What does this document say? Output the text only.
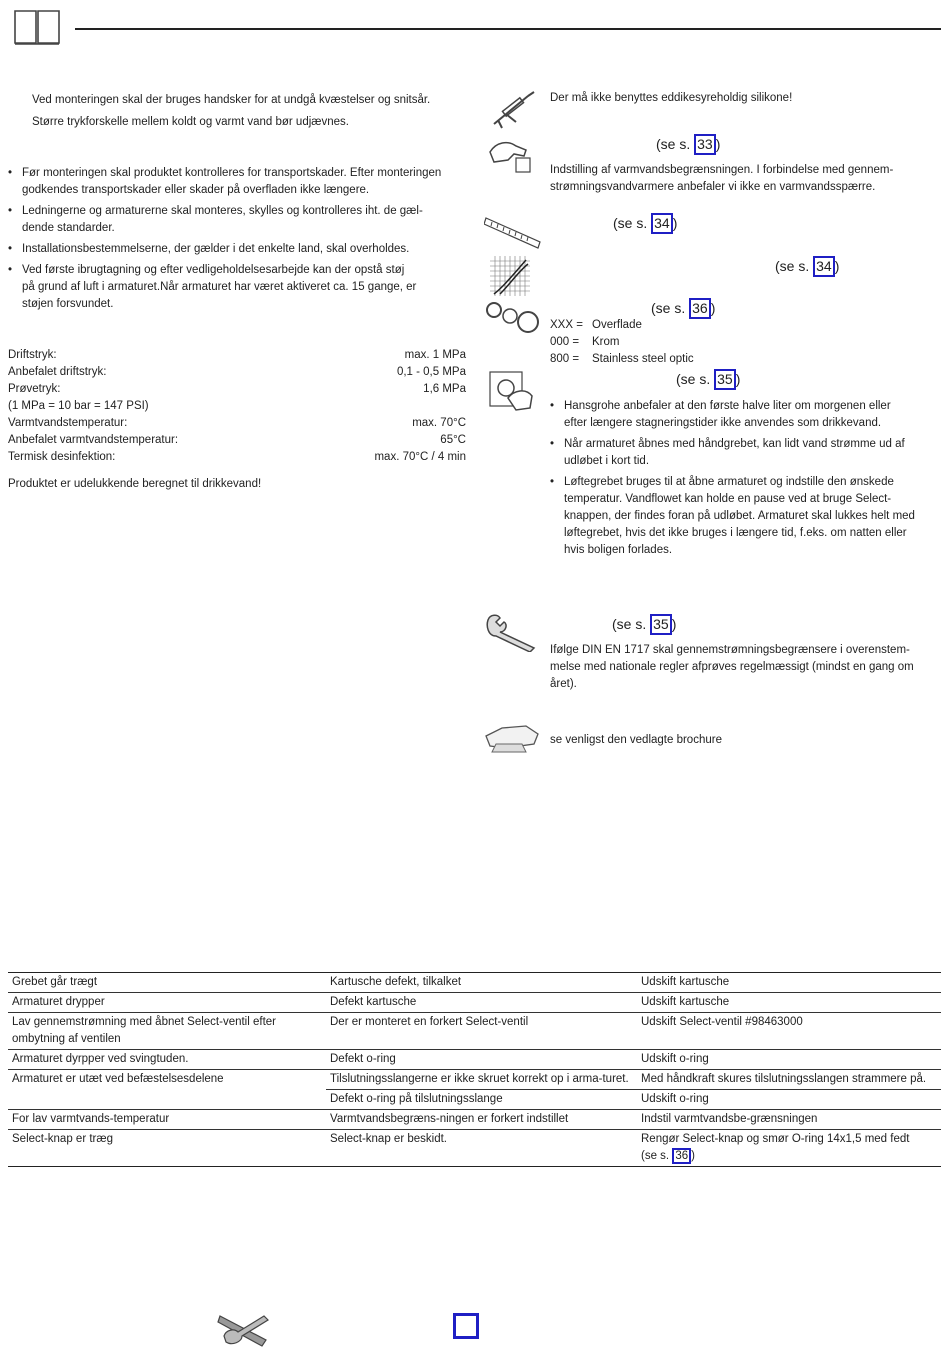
Ved monteringen skal der bruges handsker for at undgå kvæstelser og snitsår.
Større trykforskelle mellem koldt og varmt vand bør udjævnes.
• Før monteringen skal produktet kontrolleres for transportskader. Efter monteringen
godkendes transportskader eller skader på overfladen ikke længere.
• Ledningerne og armaturerne skal monteres, skylles og kontrolleres iht. de gæl-
dende standarder.
• Installationsbestemmelserne, der gælder i det enkelte land, skal overholdes.
• Ved første ibrugtagning og efter vedligeholdelsesarbejde kan der opstå støj
på grund af luft i armaturet.Når armaturet har været aktiveret ca. 15 gange, er
støjen forsvundet.
Driftstryk:	max. 1 MPa
Anbefalet driftstryk:	0,1 - 0,5 MPa
Prøvetryk:	1,6 MPa
(1 MPa = 10 bar = 147 PSI)
Varmtvandstemperatur:	max. 70°C
Anbefalet varmtvandstemperatur:	65°C
Termisk desinfektion:	max. 70°C / 4 min
Produktet er udelukkende beregnet til drikkevand!
Der må ikke benyttes eddikesyreholdig silikone!
(se s. 33 )
Indstilling af varmvandsbegrænsningen. I forbindelse med gennem-
strømningsvandvarmere anbefaler vi ikke en varmvandsspærre.
(se s. 34 )
(se s. 34 )
(se s. 36 )
XXX = Overflade
000 = Krom
800 = Stainless steel optic
(se s. 35 )
• Hansgrohe anbefaler at den første halve liter om morgenen eller
efter længere stagneringstider ikke anvendes som drikkevand.
• Når armaturet åbnes med håndgrebet, kan lidt vand strømme ud af
udløbet i kort tid.
• Løftegrebet bruges til at åbne armaturet og indstille den ønskede
temperatur. Vandflowet kan holde en pause ved at bruge Select-
knappen, der findes foran på udløbet. Armaturet skal lukkes helt med
løftegrebet, hvis det ikke bruges i længere tid, f.eks. om natten eller
hvis boligen forlades.
(se s. 35 )
Ifølge DIN EN 1717 skal gennemstrømningsbegrænsere i overenstem-
melse med nationale regler afprøves regelmæssigt (mindst en gang om
året).
se venligst den vedlagte brochure
Grebet går trægt	Kartusche defekt, tilkalket	Udskift kartusche
Armaturet drypper	Defekt kartusche	Udskift kartusche
Lav gennemstrømning med åbnet Select-ventil efter ombytning af ventilen	Der er monteret en forkert Select-ventil	Udskift Select-ventil #98463000
Armaturet dyrpper ved svingtuden.	Defekt o-ring	Udskift o-ring
Armaturet er utæt ved befæstelsesdelene	Tilslutningsslangerne er ikke skruet korrekt op i arma-turet.	Med håndkraft skures tilslutningsslangen strammere på.
	Defekt o-ring på tilslutningsslange	Udskift o-ring
For lav varmtvands-temperatur	Varmtvandsbegræns-ningen er forkert indstillet	Indstil varmtvandsbe-grænsningen
Select-knap er træg	Select-knap er beskidt.	Rengør Select-knap og smør O-ring 14x1,5 med fedt
(se s. 36 )
